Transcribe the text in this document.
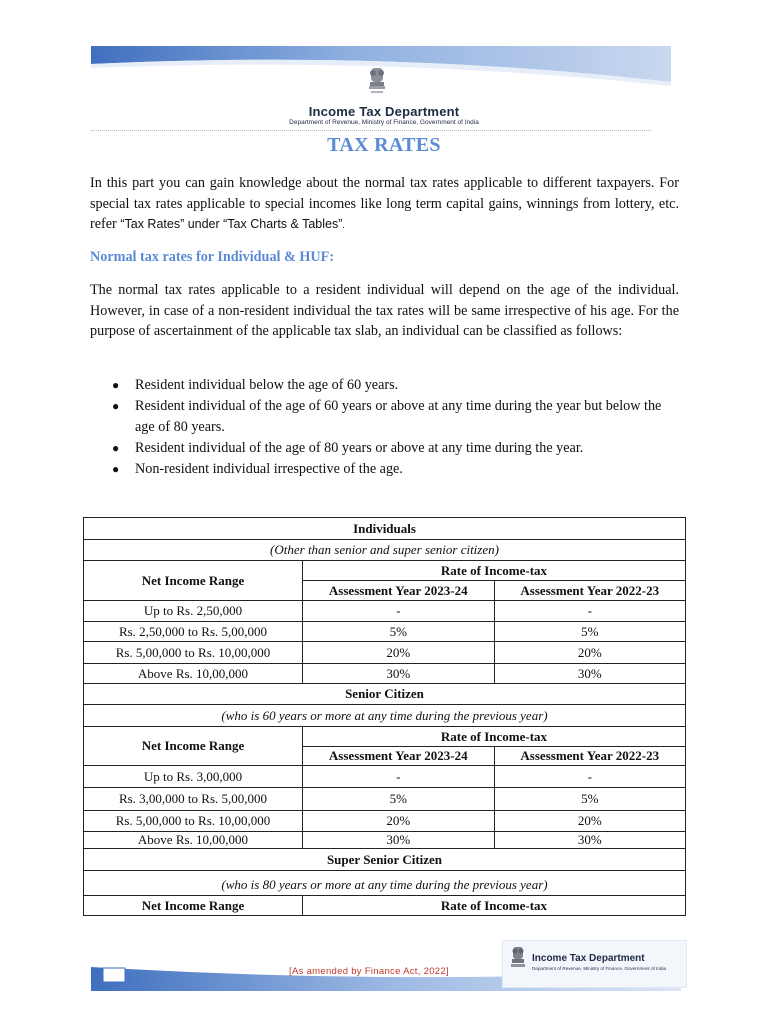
Income Tax Department
Department of Revenue, Ministry of Finance, Government of India
TAX RATES

In this part you can gain knowledge about the normal tax rates applicable to different taxpayers. For special tax rates applicable to special incomes like long term capital gains, winnings from lottery, etc. refer “Tax Rates” under “Tax Charts & Tables”.

Normal tax rates for Individual & HUF:

The normal tax rates applicable to a resident individual will depend on the age of the individual. However, in case of a non-resident individual the tax rates will be same irrespective of his age. For the purpose of ascertainment of the applicable tax slab, an individual can be classified as follows:

● Resident individual below the age of 60 years.
● Resident individual of the age of 60 years or above at any time during the year but below the age of 80 years.
● Resident individual of the age of 80 years or above at any time during the year.
● Non-resident individual irrespective of the age.
Individuals		
(Other than senior and super senior citizen)		
Net Income Range	Rate of Income-tax	
	Assessment Year 2023-24	Assessment Year 2022-23
Up to Rs. 2,50,000	-	-
Rs. 2,50,000 to Rs. 5,00,000	5%	5%
Rs. 5,00,000 to Rs. 10,00,000	20%	20%
Above Rs. 10,00,000	30%	30%
Senior Citizen		
(who is 60 years or more at any time during the previous year)		
Net Income Range	Rate of Income-tax	
	Assessment Year 2023-24	Assessment Year 2022-23
Up to Rs. 3,00,000	-	-
Rs. 3,00,000 to Rs. 5,00,000	5%	5%
Rs. 5,00,000 to Rs. 10,00,000	20%	20%
Above Rs. 10,00,000	30%	30%
Super Senior Citizen		
(who is 80 years or more at any time during the previous year)		
Net Income Range	Rate of Income-tax	
[As amended by Finance Act, 2022]
Income Tax Department
Department of Revenue, Ministry of Finance, Government of India
